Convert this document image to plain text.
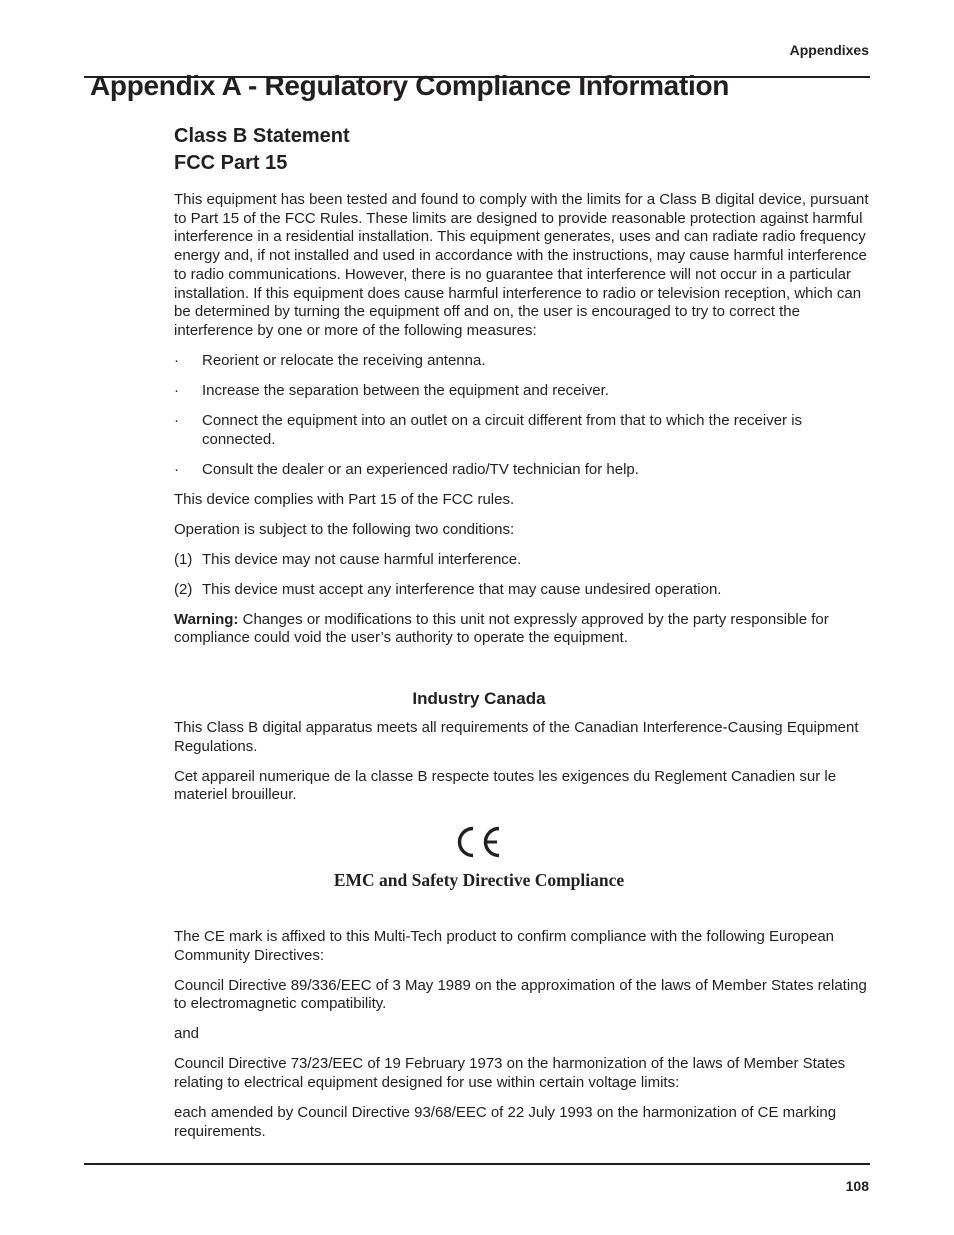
Appendixes
Appendix A - Regulatory Compliance Information
Class B Statement
FCC Part 15

This equipment has been tested and found to comply with the limits for a Class B digital device, pursuant to Part 15 of the FCC Rules. These limits are designed to provide reasonable protection against harmful interference in a residential installation. This equipment generates, uses and can radiate radio frequency energy and, if not installed and used in accordance with the instructions, may cause harmful interference to radio communications. However, there is no guarantee that interference will not occur in a particular installation. If this equipment does cause harmful interference to radio or television reception, which can be determined by turning the equipment off and on, the user is encouraged to try to correct the interference by one or more of the following measures:

· Reorient or relocate the receiving antenna.
· Increase the separation between the equipment and receiver.
· Connect the equipment into an outlet on a circuit different from that to which the receiver is connected.
· Consult the dealer or an experienced radio/TV technician for help.

This device complies with Part 15 of the FCC rules.

Operation is subject to the following two conditions:

(1) This device may not cause harmful interference.
(2) This device must accept any interference that may cause undesired operation.

Warning: Changes or modifications to this unit not expressly approved by the party responsible for compliance could void the user’s authority to operate the equipment.

Industry Canada

This Class B digital apparatus meets all requirements of the Canadian Interference-Causing Equipment Regulations.

Cet appareil numerique de la classe B respecte toutes les exigences du Reglement Canadien sur le materiel brouilleur.

EMC and Safety Directive Compliance

The CE mark is affixed to this Multi-Tech product to confirm compliance with the following European Community Directives:

Council Directive 89/336/EEC of 3 May 1989 on the approximation of the laws of Member States relating to electromagnetic compatibility.

and

Council Directive 73/23/EEC of 19 February 1973 on the harmonization of the laws of Member States relating to electrical equipment designed for use within certain voltage limits:

each amended by Council Directive 93/68/EEC of 22 July 1993 on the harmonization of CE marking requirements.

108
